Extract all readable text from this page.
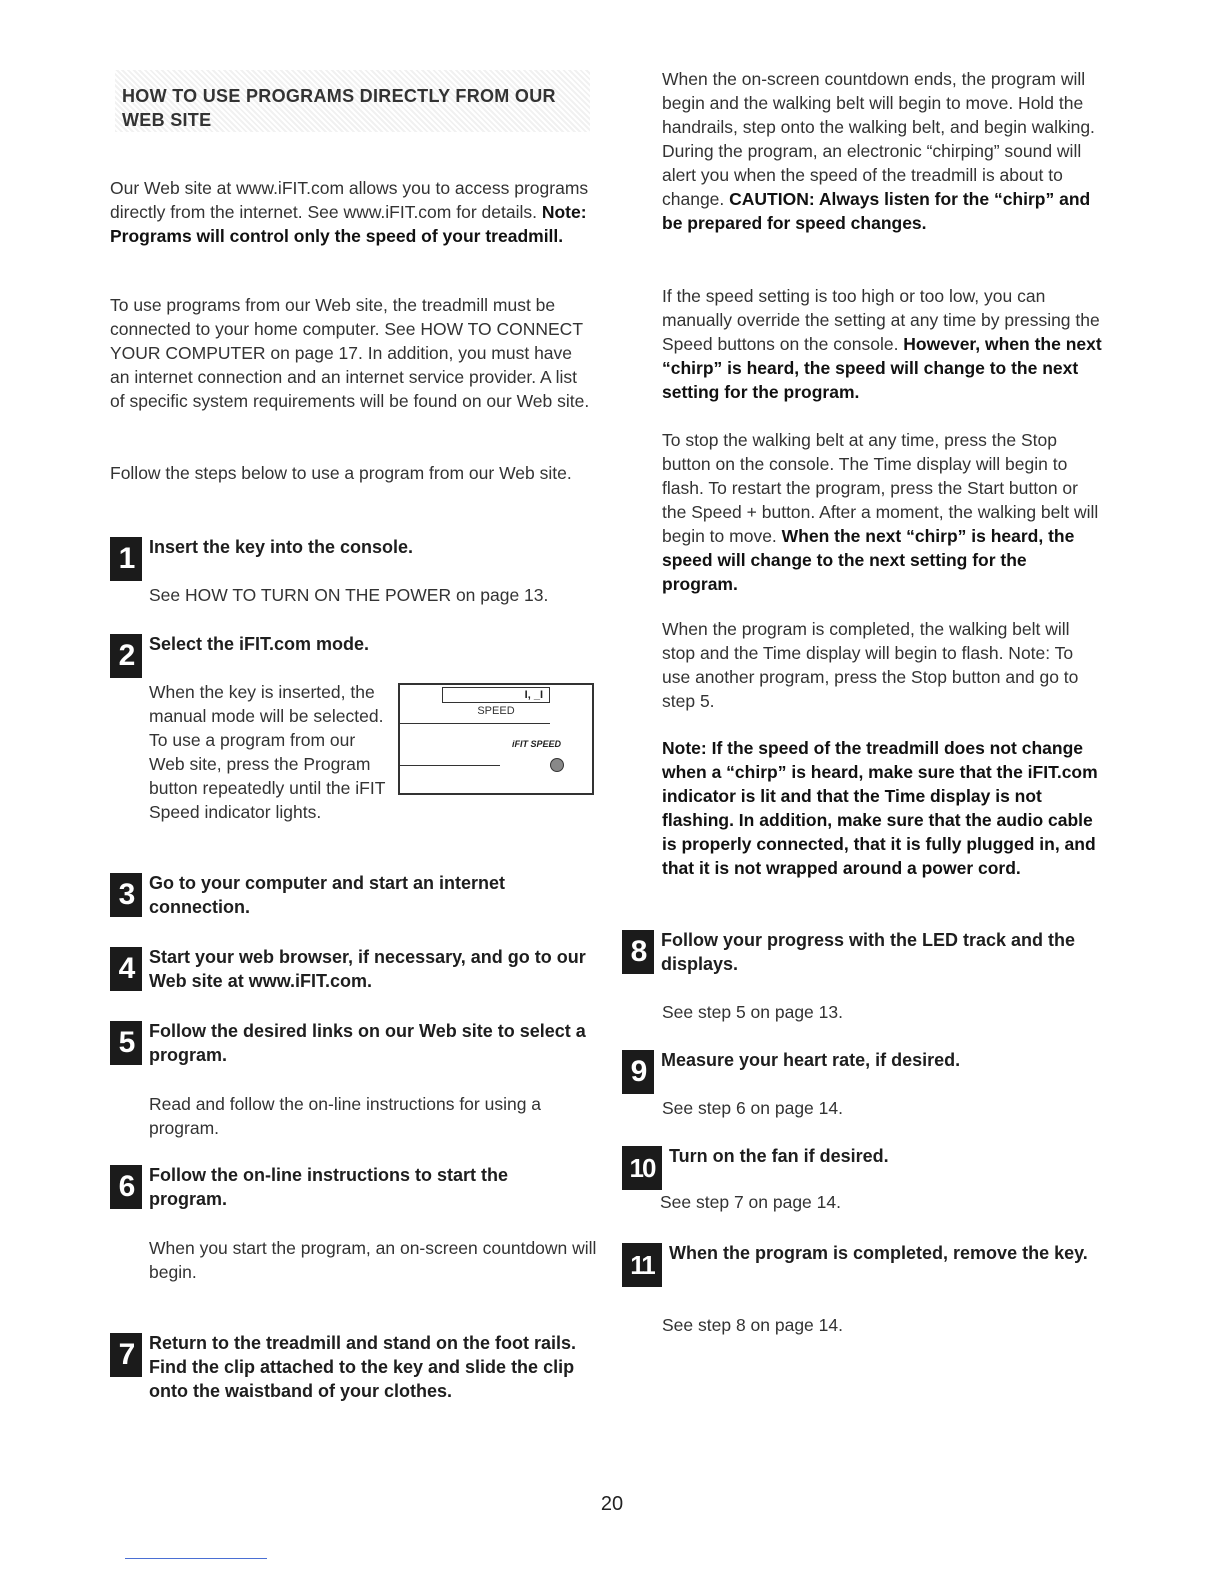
HOW TO USE PROGRAMS DIRECTLY FROM OUR WEB SITE

Our Web site at www.iFIT.com allows you to access programs directly from the internet. See www.iFIT.com for details. Note: Programs will control only the speed of your treadmill.

To use programs from our Web site, the treadmill must be connected to your home computer. See HOW TO CONNECT YOUR COMPUTER on page 17. In addition, you must have an internet connection and an internet service provider. A list of specific system requirements will be found on our Web site.

Follow the steps below to use a program from our Web site.

1 Insert the key into the console.

See HOW TO TURN ON THE POWER on page 13.

2 Select the iFIT.com mode.

When the key is inserted, the manual mode will be selected. To use a program from our Web site, press the Program button repeatedly until the iFIT Speed indicator lights.

I, _I
SPEED
iFIT SPEED
3 Go to your computer and start an internet connection.
4 Start your web browser, if necessary, and go to our Web site at www.iFIT.com.
5 Follow the desired links on our Web site to select a program.

Read and follow the on-line instructions for using a program.

6 Follow the on-line instructions to start the program.

When you start the program, an on-screen countdown will begin.

7 Return to the treadmill and stand on the foot rails. Find the clip attached to the key and slide the clip onto the waistband of your clothes.

When the on-screen countdown ends, the program will begin and the walking belt will begin to move. Hold the handrails, step onto the walking belt, and begin walking. During the program, an electronic “chirping” sound will alert you when the speed of the treadmill is about to change. CAUTION: Always listen for the “chirp” and be prepared for speed changes.

If the speed setting is too high or too low, you can manually override the setting at any time by pressing the Speed buttons on the console. However, when the next “chirp” is heard, the speed will change to the next setting for the program.

To stop the walking belt at any time, press the Stop button on the console. The Time display will begin to flash. To restart the program, press the Start button or the Speed + button. After a moment, the walking belt will begin to move. When the next “chirp” is heard, the speed will change to the next setting for the program.

When the program is completed, the walking belt will stop and the Time display will begin to flash. Note: To use another program, press the Stop button and go to step 5.

Note: If the speed of the treadmill does not change when a “chirp” is heard, make sure that the iFIT.com indicator is lit and that the Time display is not flashing. In addition, make sure that the audio cable is properly connected, that it is fully plugged in, and that it is not wrapped around a power cord.

8 Follow your progress with the LED track and the displays.

See step 5 on page 13.

9 Measure your heart rate, if desired.

See step 6 on page 14.

10 Turn on the fan if desired.

See step 7 on page 14.

11 When the program is completed, remove the key.

See step 8 on page 14.

20
